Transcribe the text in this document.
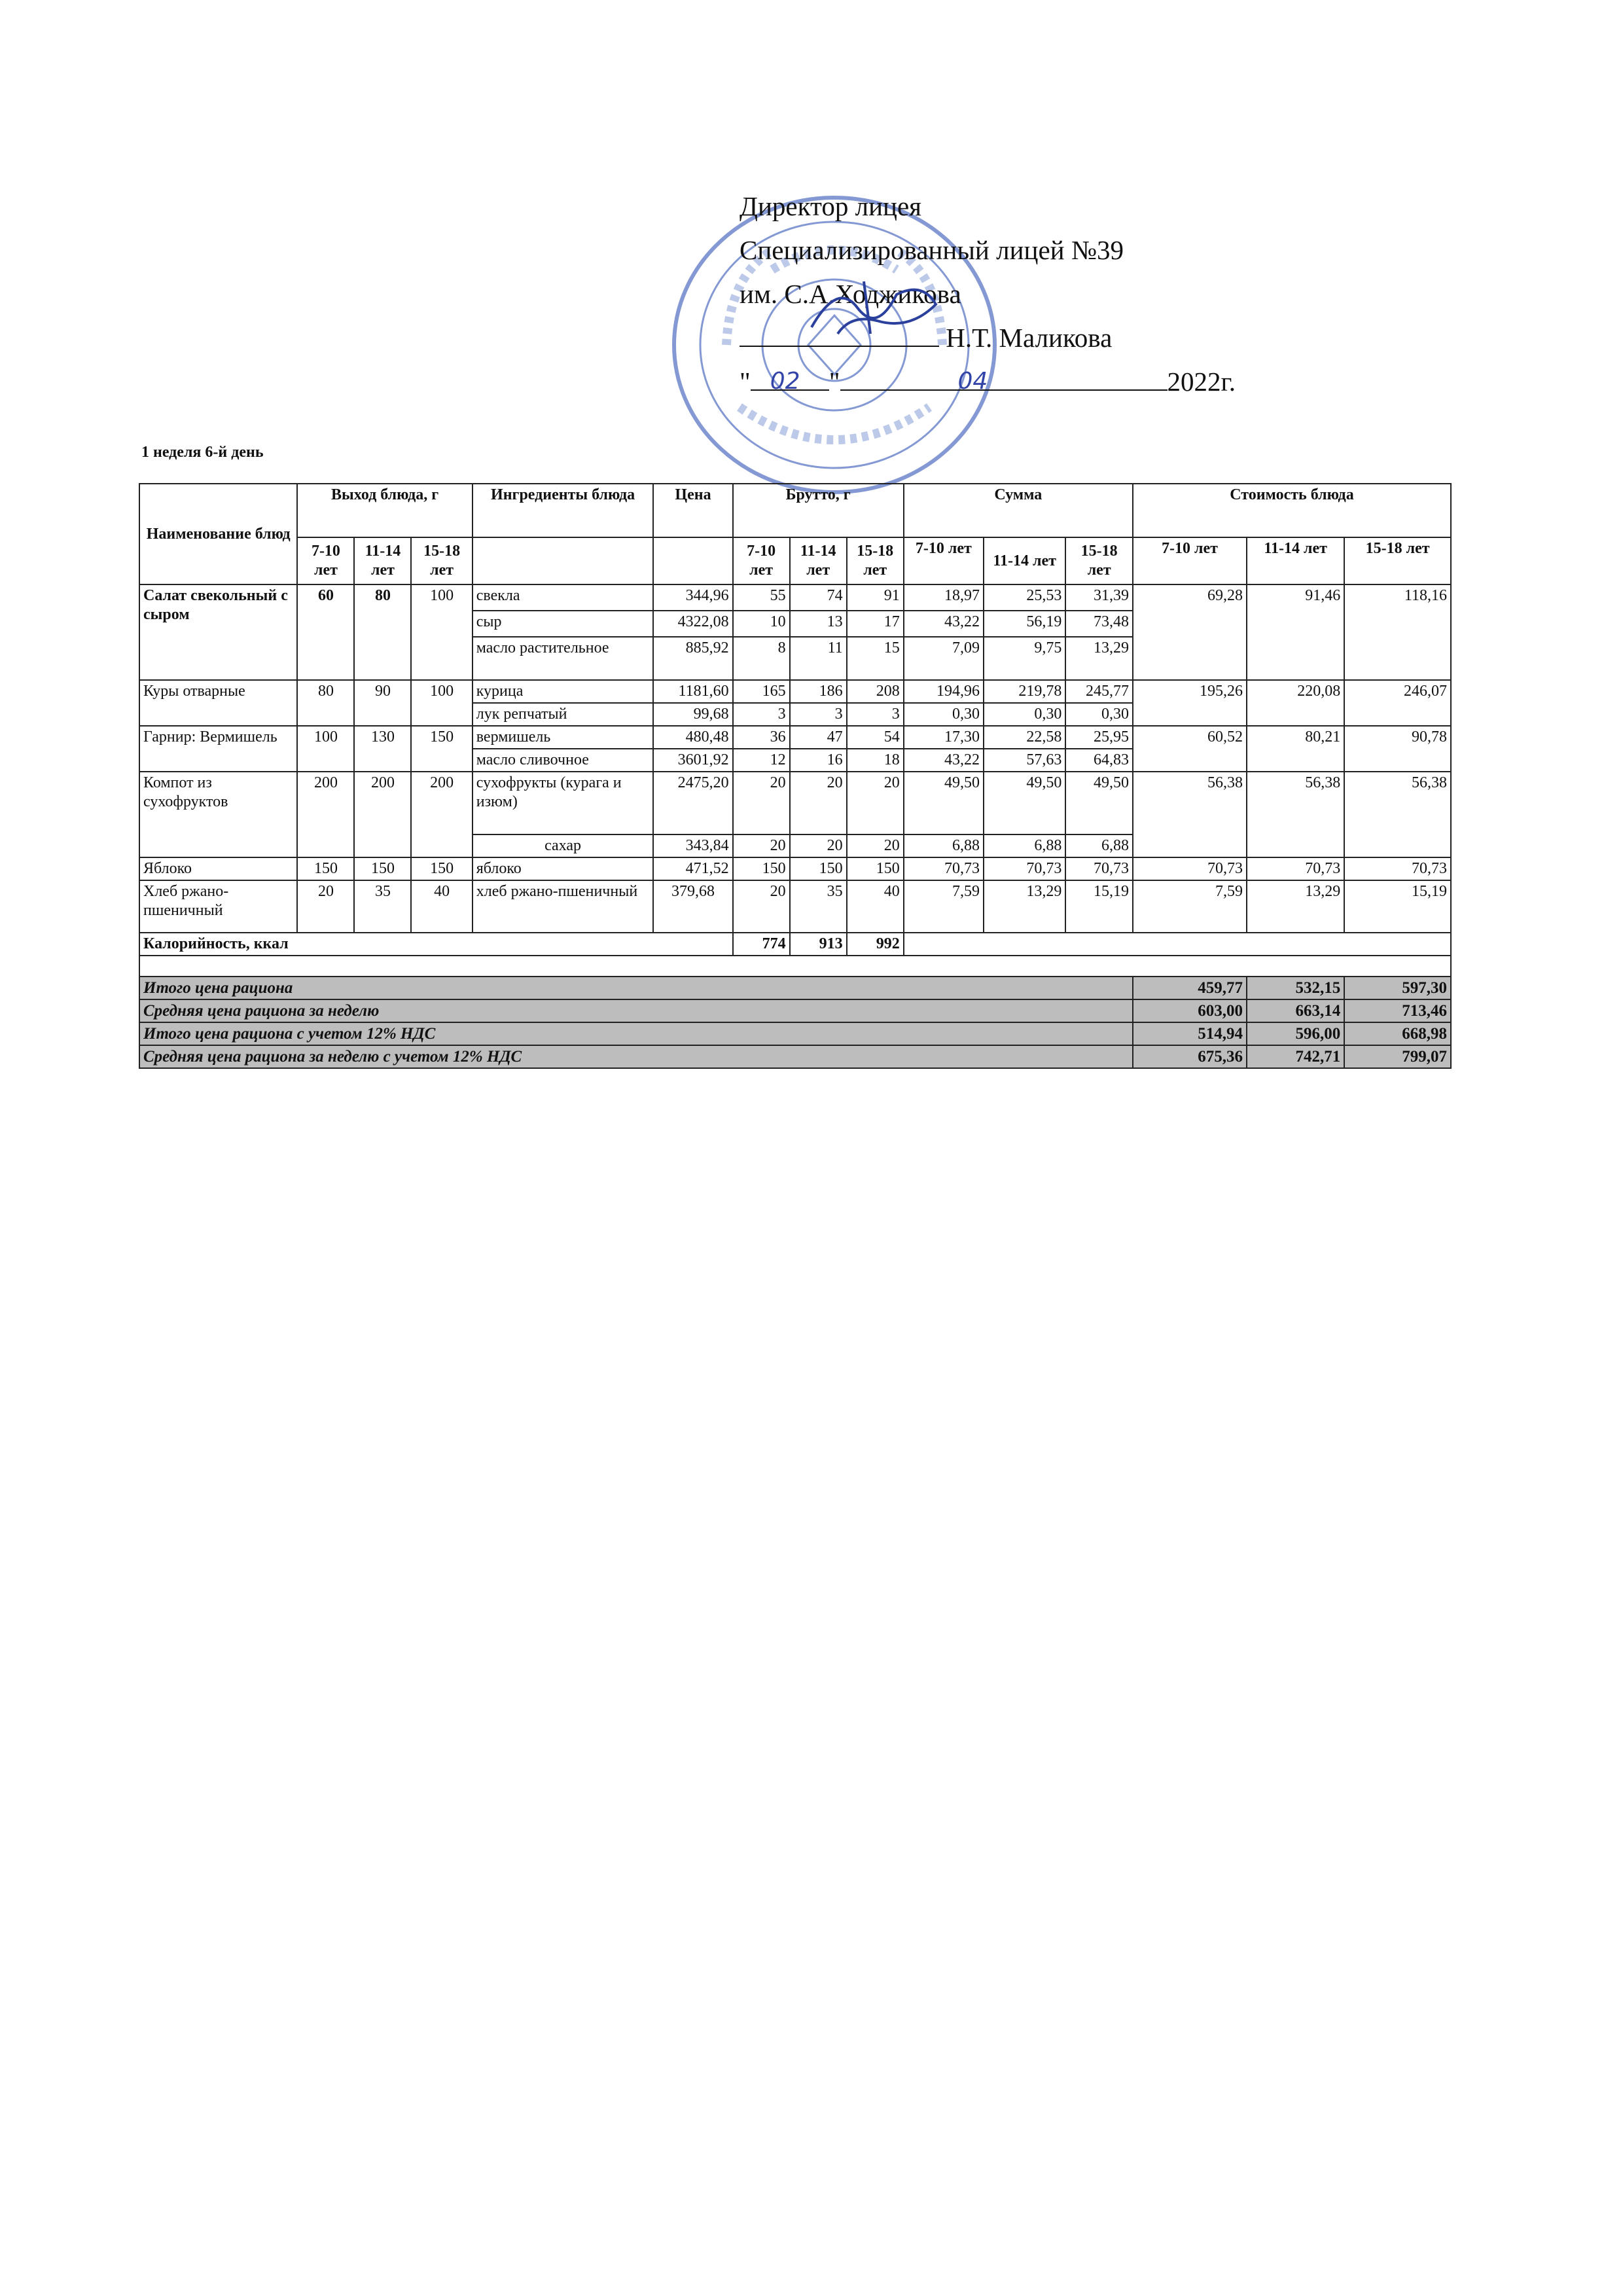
Директор лицея
Специализированный лицей №39
им. С.А.Ходжикова
Н.Т. Маликова
" 02 "	04	2022г.
1 неделя 6-й день
Наименование блюд	Выход блюда, г			Ингредиенты блюда	Цена	Брутто, г			Сумма			Стоимость блюда		
	7-10 лет	11-14 лет	15-18 лет			7-10 лет	11-14 лет	15-18 лет	7-10 лет	11-14 лет	15-18 лет	7-10 лет	11-14 лет	15-18 лет
Салат свекольный с сыром	60	80	100	свекла	344,96	55	74	91	18,97	25,53	31,39	69,28	91,46	118,16
				сыр	4322,08	10	13	17	43,22	56,19	73,48			
				масло растительное	885,92	8	11	15	7,09	9,75	13,29			
Куры отварные	80	90	100	курица	1181,60	165	186	208	194,96	219,78	245,77	195,26	220,08	246,07
				лук репчатый	99,68	3	3	3	0,30	0,30	0,30			
Гарнир: Вермишель	100	130	150	вермишель	480,48	36	47	54	17,30	22,58	25,95	60,52	80,21	90,78
				масло сливочное	3601,92	12	16	18	43,22	57,63	64,83			
Компот из сухофруктов	200	200	200	сухофрукты (курага и изюм)	2475,20	20	20	20	49,50	49,50	49,50	56,38	56,38	56,38
				сахар	343,84	20	20	20	6,88	6,88	6,88			
Яблоко	150	150	150	яблоко	471,52	150	150	150	70,73	70,73	70,73	70,73	70,73	70,73
Хлеб ржано-пшеничный	20	35	40	хлеб ржано-пшеничный	379,68	20	35	40	7,59	13,29	15,19	7,59	13,29	15,19
Калорийность, ккал						774	913	992						

Итого цена рациона												459,77	532,15	597,30
Средняя цена рациона за неделю												603,00	663,14	713,46
Итого цена рациона с учетом 12% НДС												514,94	596,00	668,98
Средняя цена рациона за неделю с учетом 12% НДС												675,36	742,71	799,07
